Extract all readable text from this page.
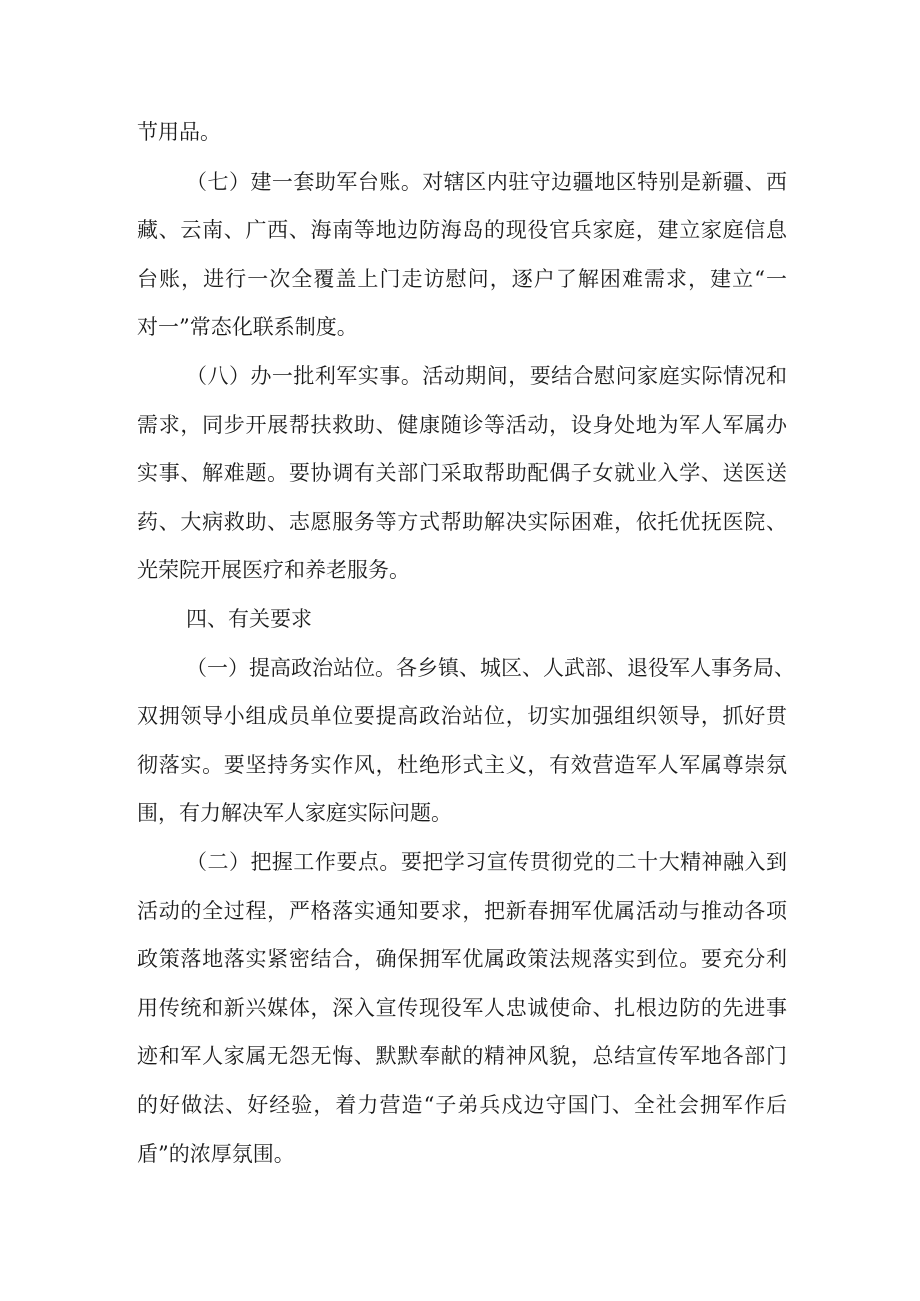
节用品。
（七）建一套助军台账。对辖区内驻守边疆地区特别是新疆、西
藏、云南、广西、海南等地边防海岛的现役官兵家庭，建立家庭信息
台账，进行一次全覆盖上门走访慰问，逐户了解困难需求，建立“一
对一”常态化联系制度。
（八）办一批利军实事。活动期间，要结合慰问家庭实际情况和
需求，同步开展帮扶救助、健康随诊等活动，设身处地为军人军属办
实事、解难题。要协调有关部门采取帮助配偶子女就业入学、送医送
药、大病救助、志愿服务等方式帮助解决实际困难，依托优抚医院、
光荣院开展医疗和养老服务。
四、有关要求
（一）提高政治站位。各乡镇、城区、人武部、退役军人事务局、
双拥领导小组成员单位要提高政治站位，切实加强组织领导，抓好贯
彻落实。要坚持务实作风，杜绝形式主义，有效营造军人军属尊崇氛
围，有力解决军人家庭实际问题。
（二）把握工作要点。要把学习宣传贯彻党的二十大精神融入到
活动的全过程，严格落实通知要求，把新春拥军优属活动与推动各项
政策落地落实紧密结合，确保拥军优属政策法规落实到位。要充分利
用传统和新兴媒体，深入宣传现役军人忠诚使命、扎根边防的先进事
迹和军人家属无怨无悔、默默奉献的精神风貌，总结宣传军地各部门
的好做法、好经验，着力营造“子弟兵戍边守国门、全社会拥军作后
盾”的浓厚氛围。
